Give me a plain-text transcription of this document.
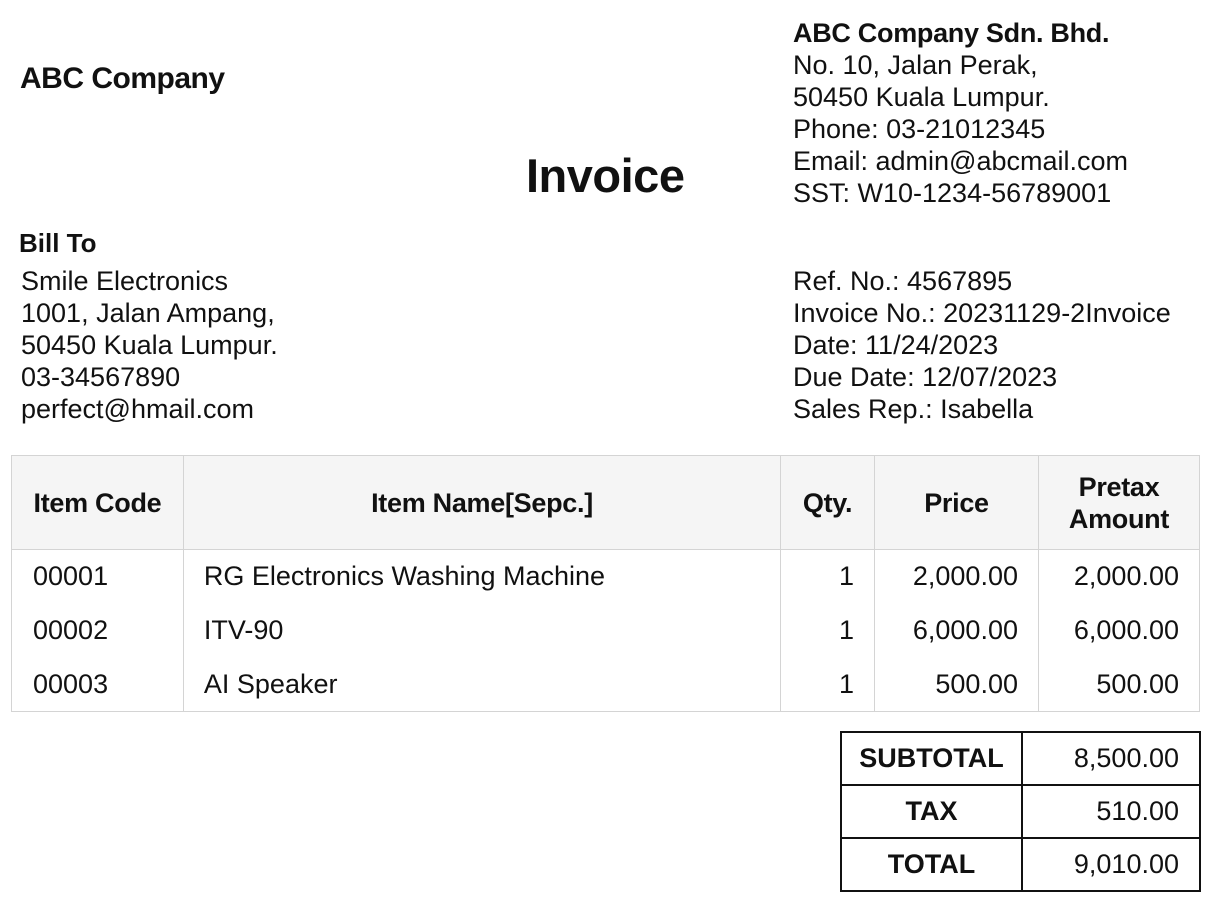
ABC Company
Invoice
ABC Company Sdn. Bhd.
No. 10, Jalan Perak,
50450 Kuala Lumpur.
Phone: 03-21012345
Email: admin@abcmail.com
SST: W10-1234-56789001
Bill To
Smile Electronics
1001, Jalan Ampang,
50450 Kuala Lumpur.
03-34567890
perfect@hmail.com
Ref. No.: 4567895
Invoice No.: 20231129-2Invoice
Date: 11/24/2023
Due Date: 12/07/2023
Sales Rep.: Isabella
Item Code	Item Name[Sepc.]	Qty.	Price	Pretax
Amount

00001	RG Electronics Washing Machine	1	2,000.00	2,000.00
00002	ITV-90	1	6,000.00	6,000.00
00003	AI Speaker	1	500.00	500.00
SUBTOTAL	8,500.00
TAX	510.00
TOTAL	9,010.00
